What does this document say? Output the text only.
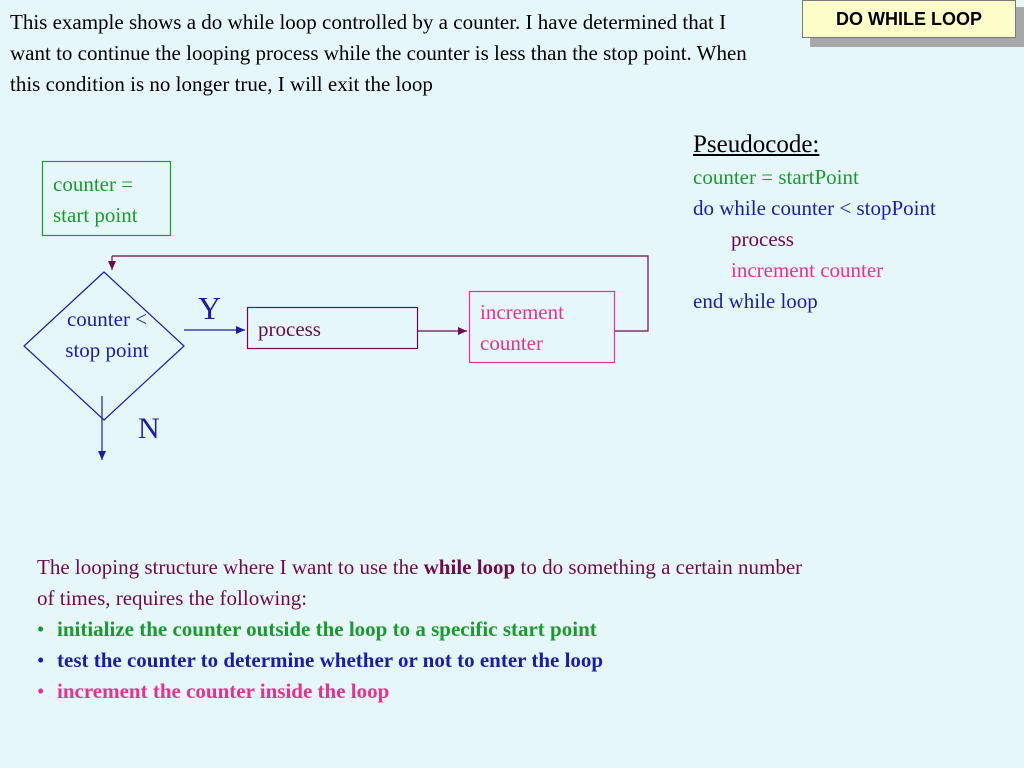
This example shows a do while loop controlled by a counter. I have determined that I want to continue the looping process while the counter is less than the stop point. When this condition is no longer true, I will exit the loop

DO WHILE LOOP
counter =
start point
counter <
stop point
Y
N
process
increment
counter
Pseudocode:
counter = startPoint
do while counter < stopPoint
process
increment counter
end while loop

The looping structure where I want to use the while loop to do something a certain number of times, requires the following:

• initialize the counter outside the loop to a specific start point
• test the counter to determine whether or not to enter the loop
• increment the counter inside the loop
